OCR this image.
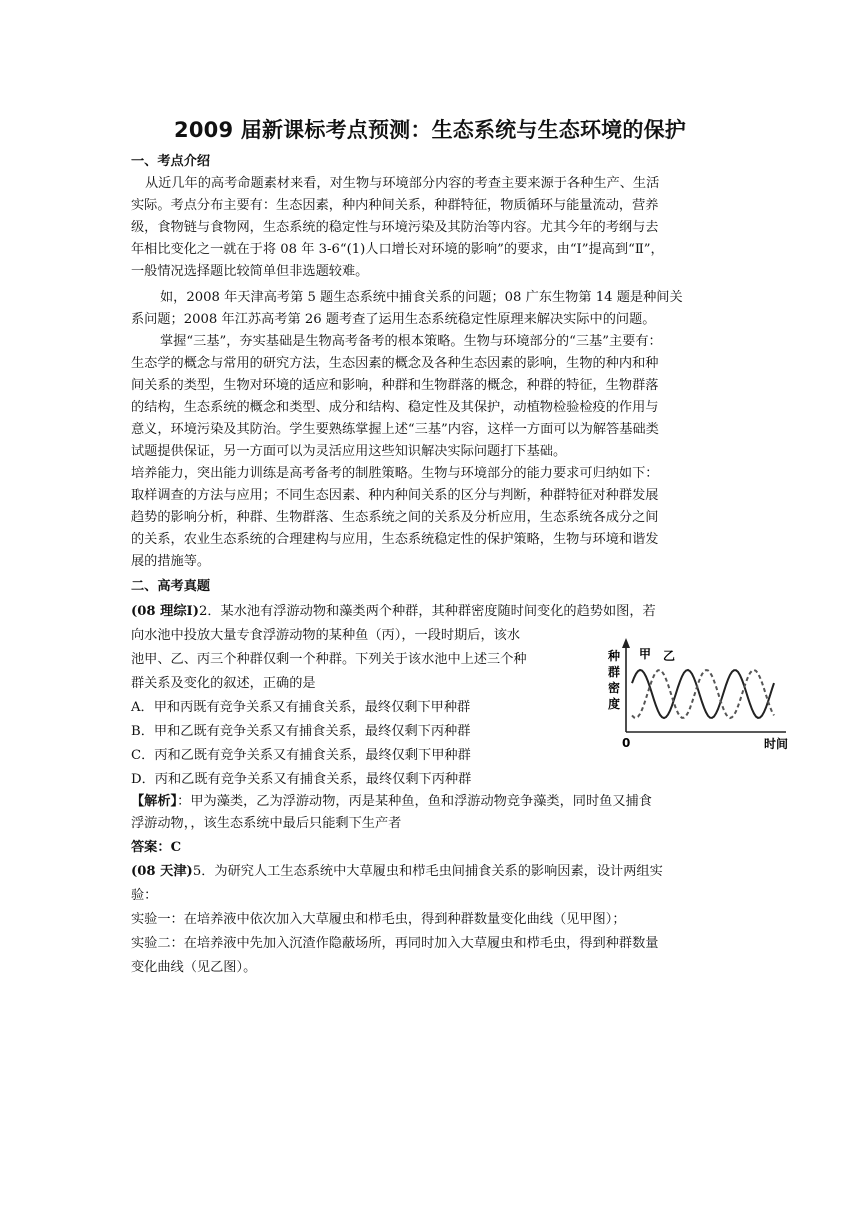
2009 届新课标考点预测：生态系统与生态环境的保护
一、考点介绍
从近几年的高考命题素材来看，对生物与环境部分内容的考查主要来源于各种生产、生活
实际。考点分布主要有：生态因素，种内种间关系，种群特征，物质循环与能量流动，营养
级，食物链与食物网，生态系统的稳定性与环境污染及其防治等内容。尤其今年的考纲与去
年相比变化之一就在于将 08 年 3-6“(1)人口增长对环境的影响”的要求，由“Ⅰ”提高到“Ⅱ”，
一般情况选择题比较简单但非选题较难。
如，2008 年天津高考第 5 题生态系统中捕食关系的问题；08 广东生物第 14 题是种间关
系问题；2008 年江苏高考第 26 题考查了运用生态系统稳定性原理来解决实际中的问题。
掌握“三基”，夯实基础是生物高考备考的根本策略。生物与环境部分的“三基”主要有：
生态学的概念与常用的研究方法，生态因素的概念及各种生态因素的影响，生物的种内和种
间关系的类型，生物对环境的适应和影响，种群和生物群落的概念，种群的特征，生物群落
的结构，生态系统的概念和类型、成分和结构、稳定性及其保护，动植物检验检疫的作用与
意义，环境污染及其防治。学生要熟练掌握上述“三基”内容，这样一方面可以为解答基础类
试题提供保证，另一方面可以为灵活应用这些知识解决实际问题打下基础。
培养能力，突出能力训练是高考备考的制胜策略。生物与环境部分的能力要求可归纳如下：
取样调查的方法与应用；不同生态因素、种内种间关系的区分与判断，种群特征对种群发展
趋势的影响分析，种群、生物群落、生态系统之间的关系及分析应用，生态系统各成分之间
的关系，农业生态系统的合理建构与应用，生态系统稳定性的保护策略，生物与环境和谐发
展的措施等。
二、高考真题
(08 理综Ⅰ)2．某水池有浮游动物和藻类两个种群，其种群密度随时间变化的趋势如图，若
向水池中投放大量专食浮游动物的某种鱼（丙），一段时期后，该水
池甲、乙、丙三个种群仅剩一个种群。下列关于该水池中上述三个种
群关系及变化的叙述，正确的是
A．甲和丙既有竞争关系又有捕食关系，最终仅剩下甲种群
B．甲和乙既有竞争关系又有捕食关系，最终仅剩下丙种群
C．丙和乙既有竞争关系又有捕食关系，最终仅剩下甲种群
D．丙和乙既有竞争关系又有捕食关系，最终仅剩下丙种群
【解析】：甲为藻类，乙为浮游动物，丙是某种鱼，鱼和浮游动物竞争藻类，同时鱼又捕食
浮游动物，，该生态系统中最后只能剩下生产者
答案：C
(08 天津)5．为研究人工生态系统中大草履虫和栉毛虫间捕食关系的影响因素，设计两组实
验：
实验一：在培养液中依次加入大草履虫和栉毛虫，得到种群数量变化曲线（见甲图）；
实验二：在培养液中先加入沉渣作隐蔽场所，再同时加入大草履虫和栉毛虫，得到种群数量
变化曲线（见乙图）。
种
群
密
度
0	时间
甲 乙
